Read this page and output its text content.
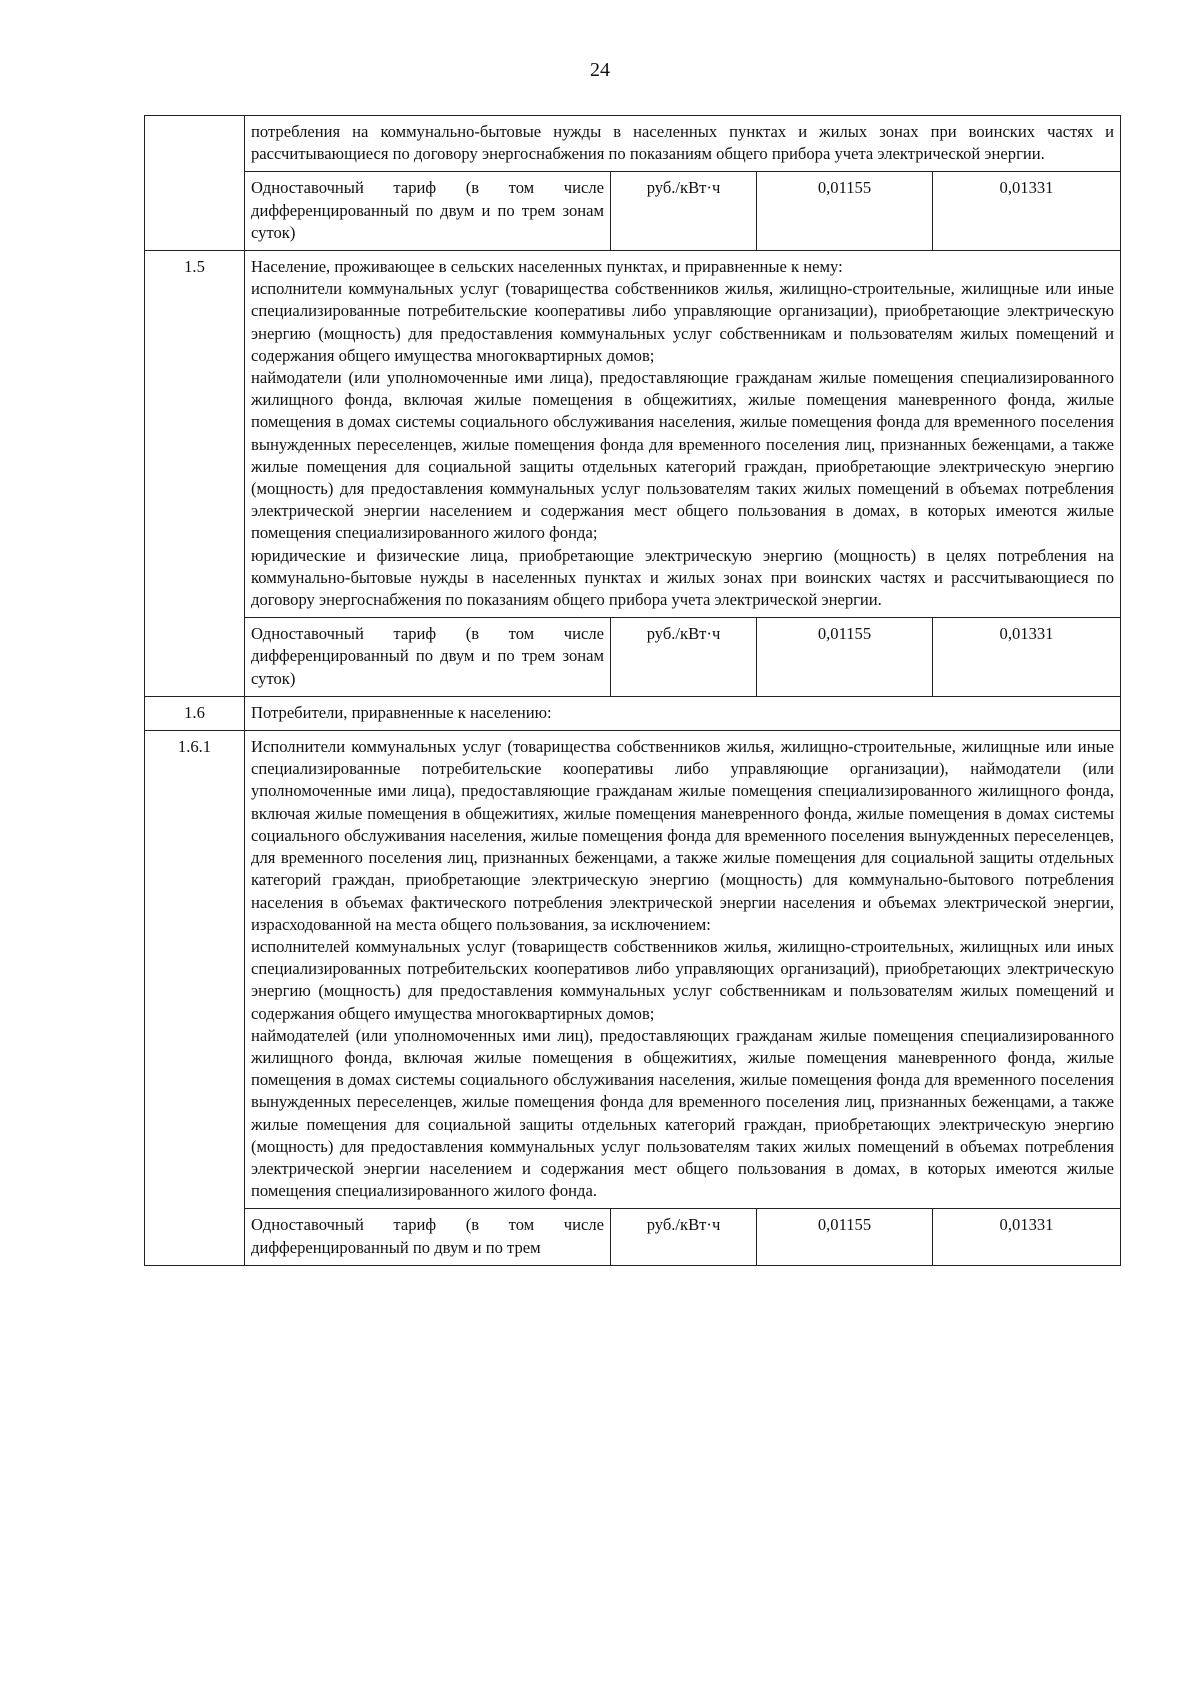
24

	потребления на коммунально-бытовые нужды в населенных пунктах и жилых зонах при воинских частях и рассчитывающиеся по договору энергоснабжения по показаниям общего прибора учета электрической энергии.			

	Одноставочный тариф (в том числе дифференцированный по двум и по трем зонам суток)	руб./кВт·ч	0,01155	0,01331
1.5	Население, проживающее в сельских населенных пунктах, и приравненные к нему:

исполнители коммунальных услуг (товарищества собственников жилья, жилищно-строительные, жилищные или иные специализированные потребительские кооперативы либо управляющие организации), приобретающие электрическую энергию (мощность) для предоставления коммунальных услуг собственникам и пользователям жилых помещений и содержания общего имущества многоквартирных домов;

наймодатели (или уполномоченные ими лица), предоставляющие гражданам жилые помещения специализированного жилищного фонда, включая жилые помещения в общежитиях, жилые помещения маневренного фонда, жилые помещения в домах системы социального обслуживания населения, жилые помещения фонда для временного поселения вынужденных переселенцев, жилые помещения фонда для временного поселения лиц, признанных беженцами, а также жилые помещения для социальной защиты отдельных категорий граждан, приобретающие электрическую энергию (мощность) для предоставления коммунальных услуг пользователям таких жилых помещений в объемах потребления электрической энергии населением и содержания мест общего пользования в домах, в которых имеются жилые помещения специализированного жилого фонда;

юридические и физические лица, приобретающие электрическую энергию (мощность) в целях потребления на коммунально-бытовые нужды в населенных пунктах и жилых зонах при воинских частях и рассчитывающиеся по договору энергоснабжения по показаниям общего прибора учета электрической энергии.			

	Одноставочный тариф (в том числе дифференцированный по двум и по трем зонам суток)	руб./кВт·ч	0,01155	0,01331
1.6	Потребители, приравненные к населению:			

1.6.1	Исполнители коммунальных услуг (товарищества собственников жилья, жилищно-строительные, жилищные или иные специализированные потребительские кооперативы либо управляющие организации), наймодатели (или уполномоченные ими лица), предоставляющие гражданам жилые помещения специализированного жилищного фонда, включая жилые помещения в общежитиях, жилые помещения маневренного фонда, жилые помещения в домах системы социального обслуживания населения, жилые помещения фонда для временного поселения вынужденных переселенцев, для временного поселения лиц, признанных беженцами, а также жилые помещения для социальной защиты отдельных категорий граждан, приобретающие электрическую энергию (мощность) для коммунально-бытового потребления населения в объемах фактического потребления электрической энергии населения и объемах электрической энергии, израсходованной на места общего пользования, за исключением:

исполнителей коммунальных услуг (товариществ собственников жилья, жилищно-строительных, жилищных или иных специализированных потребительских кооперативов либо управляющих организаций), приобретающих электрическую энергию (мощность) для предоставления коммунальных услуг собственникам и пользователям жилых помещений и содержания общего имущества многоквартирных домов;

наймодателей (или уполномоченных ими лиц), предоставляющих гражданам жилые помещения специализированного жилищного фонда, включая жилые помещения в общежитиях, жилые помещения маневренного фонда, жилые помещения в домах системы социального обслуживания населения, жилые помещения фонда для временного поселения вынужденных переселенцев, жилые помещения фонда для временного поселения лиц, признанных беженцами, а также жилые помещения для социальной защиты отдельных категорий граждан, приобретающих электрическую энергию (мощность) для предоставления коммунальных услуг пользователям таких жилых помещений в объемах потребления электрической энергии населением и содержания мест общего пользования в домах, в которых имеются жилые помещения специализированного жилого фонда.			

	Одноставочный тариф (в том числе дифференцированный по двум и по трем	руб./кВт·ч	0,01155	0,01331
